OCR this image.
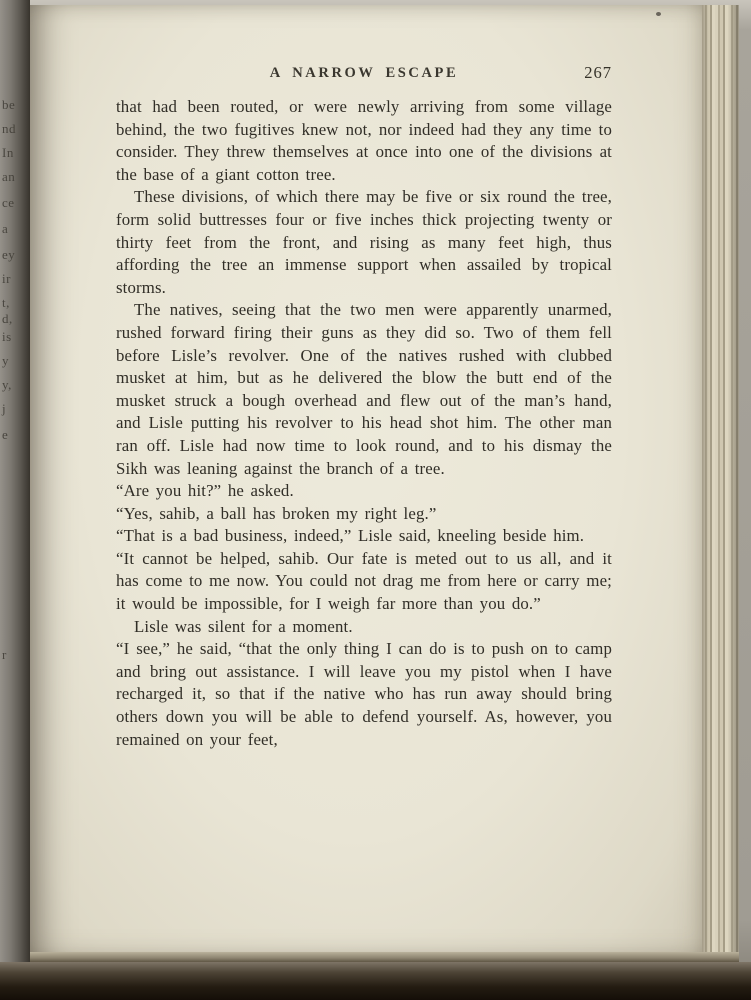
be
nd
In
an
ce
a
ey
ir
t,
d,
is
y
y,
j
e
r
A NARROW ESCAPE	267

that had been routed, or were newly arriving from some village behind, the two fugitives knew not, nor indeed had they any time to consider. They threw themselves at once into one of the divisions at the base of a giant cotton tree.

These divisions, of which there may be five or six round the tree, form solid buttresses four or five inches thick projecting twenty or thirty feet from the front, and rising as many feet high, thus affording the tree an immense support when assailed by tropical storms.

The natives, seeing that the two men were apparently unarmed, rushed forward firing their guns as they did so. Two of them fell before Lisle’s revolver. One of the natives rushed with clubbed musket at him, but as he delivered the blow the butt end of the musket struck a bough overhead and flew out of the man’s hand, and Lisle putting his revolver to his head shot him. The other man ran off. Lisle had now time to look round, and to his dismay the Sikh was leaning against the branch of a tree.

“Are you hit?” he asked.

“Yes, sahib, a ball has broken my right leg.”

“That is a bad business, indeed,” Lisle said, kneeling beside him.

“It cannot be helped, sahib. Our fate is meted out to us all, and it has come to me now. You could not drag me from here or carry me; it would be impossible, for I weigh far more than you do.”

Lisle was silent for a moment.

“I see,” he said, “that the only thing I can do is to push on to camp and bring out assistance. I will leave you my pistol when I have recharged it, so that if the native who has run away should bring others down you will be able to defend yourself. As, however, you remained on your feet,
